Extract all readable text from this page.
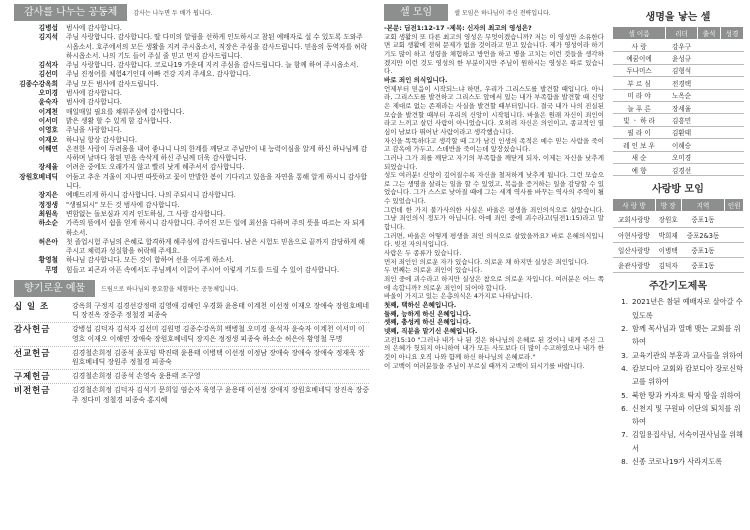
감사를 나누는 공동체	감사는 나누면 두 배가 됩니다.
김병섭	범사에 감사합니다.
김지석	주님 사랑합니다. 감사합니다. 딸 다미의 알림을 선하게 인도하시고 참된 예배자로 설 수 있도록 도와주시옵소서. 호주에서의 모든 생활을 지켜 주시옵소서, 직장은 주심을 감사드립니다. 믿음의 동역자를 허락하시옵소서. 나의 기도 들어 주실 줄 믿고 먼저 감사드립니다.
김석자	주님 사랑합니다. 감사합니다. 코로나19 가운데 지켜 주심을 감사드립니다. 늘 함께 하여 주시옵소서.
김선미	주님 진정어를 체험4기인대 아빠 건강 지켜 주세요. 감사합니다.
김종수강옥희	주님 모든 범사에 감사드립니다.
오미경	범사에 감사합니다.
윤숙자	범사에 감사합니다.
이계천	매일매일 필요를 채워주심에 감사합니다.
이서미	밝은 생활 할 수 있게 함 감사합니다.
이영호	주님을 사랑합니다.
이재오	하나님 항상 감사합니다.
이해연	온전한 사랑이 두려움을 내어 좋나니 나의 한계를 깨닫고 주님만이 내 능력이심을 알게 하신 하나님께 감사하며 날마다 참된 믿음 속삭게 하신 주님께 더욱 감사합니다.
장세율	어려운 중에도 오래가지 않고 빨리 낫게 해주셔서 감사합니다.
장원호베네딕	어둠고 추운 겨울이 지나면 따뜻하고 꽃이 만발한 봄이 기다리고 있음을 자연을 통해 알게 하시니 감사합니다.
장지은	예배드리게 하시니 감사합니다. 나의 주되시니 감사합니다.
정정생	"생필되시" 모든 것 범사에 감사합니다.
최원옥	변함없는 돌보심과 지켜 인도하심, 그 사랑 감사합니다.
하소순	가족의 뜸에서 쉼을 얻게 하시니 감사합니다. 주어진 모든 일에 최선을 다하며 주의 뜻을 따르는 자 되게 하소서.
허은아	첫 졸업시험 주님의 은혜로 합격하게 해주심에 감사드립니다. 남은 시험도 믿음으로 끝까지 감당하게 해주시고 체력과 성실함을 허락해 주세요.
황영철	하나님 감사합니다. 모든 것이 합하여 선을 이루게 하소서.
무명	힘들고 피곤과 아픈 속에서도 주님께서 이끌어 주시어 이렇게 기도를 드릴 수 있어 감사합니다.
향기로운 예물	드림으로 하나님의 풍요함을 체험하는 공동체입니다.
십 일 조	강옥희 구정지 김경선강정태 김영애 김해인 우경화 윤용태 이계천 이선정 이재오 장애숙 장원호베네딕 장진옥 장중주 정철경 피종숙
감사헌금	강병섭 김덕자 김석자 김선미 김원명 김종수강옥희 백병철 오미경 윤석자 윤숙자 이계천 이서미 이영호 이재오 이해연 장애숙 장원호베네딕 장지은 정정생 피종숙 하소순 허은아 황영철 무명
선교헌금	김경철손희정 김종석 윤포임 박진태 윤용태 이병택 이선정 이정남 장애숙 장애숙 장애숙 정재욱 장원호베네딕 장원주 정철경 피종숙
구제헌금	김경철손희정 김종석 손영숙 윤용태 조구영
비전헌금	김경철손희정 김덕자 김석기 문희일 염순자 육영구 윤용태 이선정 장애지 장원호베네딕 장진옥 장중주 정다미 정철경 피종숙 홍지혜
셀 모임	셀 모임은 하나님이 주신 전략입니다.

-본문: 딤전1:12-17 -제목: 신자의 최고의 영성은?

교회 생활의 또 다른 최고의 영성은 무엇이겠습니까? 저는 이 영성만 소유한다면 교회 생활에 전혀 문제가 없을 것이라고 믿고 있습니다. 제가 영성이라 하기 기도 많이 하고 성령을 체험하고 방언을 하고 병을 고치는 이런 것들을 생각하겠지만 이런 것도 영성의 한 부분이지만 주님이 원하시는 영성은 따로 있습니다.

바로 죄인 의식입니다.

언제부터 믿음이 시작되느냐 하면, 우리가 그리스도를 발견할 때입니다. 아니라, 그리스도를 발견하고 그리스도 앞에서 있는 내가 부족함을 발견할 때 신앙은 제대로 없는 존재라는 사실을 발견할 때부터입니다. 결국 내가 나의 진실된 모습을 발견할 때부터 우리의 신앙이 시작됩니다. 바울은 원래 자신이 죄인이라고 느끼고 살던 사람이 아니었습니다. 오히려 자신은 의인이고, 종교적인 열심이 남보다 뛰어난 사람이라고 생각했습니다.

자신을 똑똑하다고 생각할 때 그가 남긴 인생의 족적은 예수 믿는 사람을 죽이고 감옥에 가두고, 스데반을 죽이는데 앞장섰습니다.

그러나 그가 죄를 깨닫고 자기의 부족함을 깨닫게 되자, 이제는 자신을 낮추게 되었습니다.

성도 여러분! 신앙이 깊어질수록 자신을 철저하게 낮추게 됩니다. 그런 모습으로 그는 생명을 살리는 일을 할 수 있었고, 복음을 증거하는 일을 감당할 수 있었습니다. 그가 스스로 낮아질 때에 그는 세계 역사를 바꾸는 역사의 주역이 될 수 있었습니다.

그런데 한 가지 불가사의한 사실은 바울은 평생을 죄인의식으로 살았습니다. 그냥 죄인의식 정도가 아닙니다. 아예 죄인 중에 괴수라고(딤전1:15)라고 말합니다.

그러면, 바울은 어떻게 평생을 죄인 의식으로 살았을까요? 바로 은혜의식입니다. 빚진 자의식입니다.

사람은 두 종류가 있습니다.

먼저 죄인인 의로운 자가 있습니다. 의로운 채 하지만 실상은 죄인입니다.

두 번째는 의로운 죄인이 있습니다.

죄인 중에 괴수라고 하지만 실상은 참으로 의로운 자입니다. 여러분은 어느 쪽에 속합니까? 의로운 죄인이 되어야 합니다.

바울이 가지고 있는 은총의식은 4가지로 나타납니다.

첫째, 택하신 은혜입니다.

둘째, 능하게 하신 은혜입니다.

셋째, 충성케 하신 은혜입니다.

넷째, 직분을 맡기신 은혜입니다.

고전15:10 "그러나 내가 나 된 것은 하나님의 은혜로 된 것이니 내게 주신 그의 은혜가 헛되지 아니하여 내가 모든 사도보다 더 많이 수고하였으나 내가 한 것이 아니요 오직 나와 함께 하신 하나님의 은혜로라."

이 고백이 여러분들을 주님이 부르실 때까지 고백이 되시기를 바랍니다.

생명을 낳는 셀
셀 이름	리더	출석	성경
사 랑	강우구		
예꿈이에	윤성규		
두나미스	김형석		
부 르 심	전경택		
미 라 야	노옥순		
늘 푸 른	장세율		
빛 ㆍ 하 라	김흥민		
필 라 이	김환태		
레 인 보 우	이해승		
새 순	오미경		
예 향	김경선		
사랑방 모임
사 랑 방	방 장	지역	인원
교회사랑방	장원호	중포1동	
아현사랑방	박희재	중포2&3동	
일산사랑방	이병택	중포1동	
윤관사랑방	김덕자	중포1동	
주간기도제목
1. 2021년은 참된 예배자로 살아갈 수 있도록
2. 함께 목사님과 열매 맺는 교회를 위하여
3. 교육기관의 부흥과 교사들을 위하여
4. 캄보디아 교회와 캄보디아 장로신학교를 위하여
5. 북한 땅과 카자흐 탁지 땅을 위하여
6. 신천지 및 구원파 이단의 퇴치를 위하여
7. 김일용집사님, 서숙이권사님을 위해서
8. 신종 코로나19가 사라지도록
